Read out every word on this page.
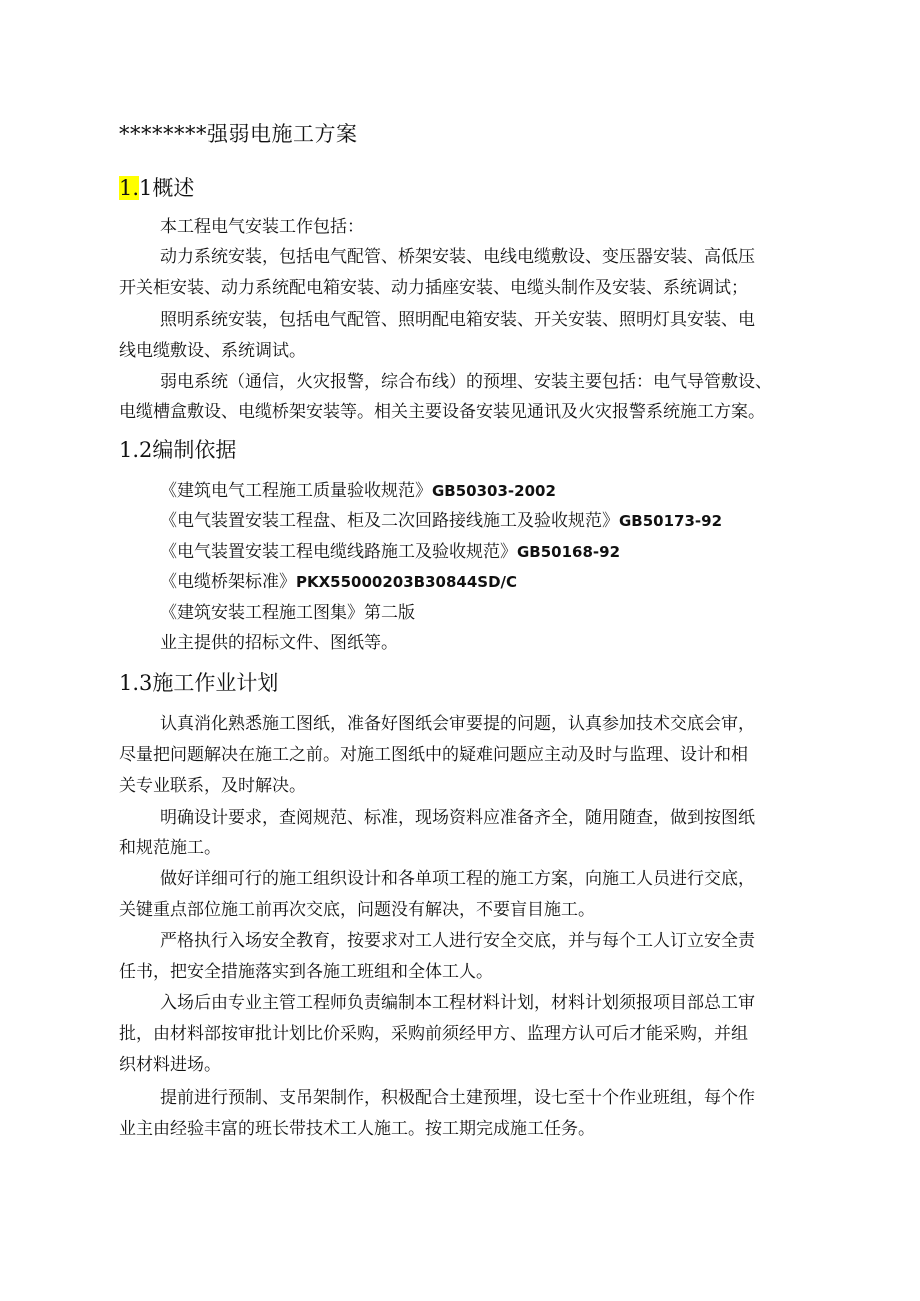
********强弱电施工方案
1.1概述
本工程电气安装工作包括：
动力系统安装，包括电气配管、桥架安装、电线电缆敷设、变压器安装、高低压
开关柜安装、动力系统配电箱安装、动力插座安装、电缆头制作及安装、系统调试；
照明系统安装，包括电气配管、照明配电箱安装、开关安装、照明灯具安装、电
线电缆敷设、系统调试。
弱电系统（通信，火灾报警，综合布线）的预埋、安装主要包括：电气导管敷设、
电缆槽盒敷设、电缆桥架安装等。相关主要设备安装见通讯及火灾报警系统施工方案。
1.2编制依据
《建筑电气工程施工质量验收规范》GB50303-2002
《电气装置安装工程盘、柜及二次回路接线施工及验收规范》GB50173-92
《电气装置安装工程电缆线路施工及验收规范》GB50168-92
《电缆桥架标准》PKX55000203B30844SD/C
《建筑安装工程施工图集》第二版
业主提供的招标文件、图纸等。
1.3施工作业计划
认真消化熟悉施工图纸，准备好图纸会审要提的问题，认真参加技术交底会审，
尽量把问题解决在施工之前。对施工图纸中的疑难问题应主动及时与监理、设计和相
关专业联系，及时解决。
明确设计要求，查阅规范、标准，现场资料应准备齐全，随用随查，做到按图纸
和规范施工。
做好详细可行的施工组织设计和各单项工程的施工方案，向施工人员进行交底，
关键重点部位施工前再次交底，问题没有解决，不要盲目施工。
严格执行入场安全教育，按要求对工人进行安全交底，并与每个工人订立安全责
任书，把安全措施落实到各施工班组和全体工人。
入场后由专业主管工程师负责编制本工程材料计划，材料计划须报项目部总工审
批，由材料部按审批计划比价采购，采购前须经甲方、监理方认可后才能采购，并组
织材料进场。
提前进行预制、支吊架制作，积极配合土建预埋，设七至十个作业班组，每个作
业主由经验丰富的班长带技术工人施工。按工期完成施工任务。
